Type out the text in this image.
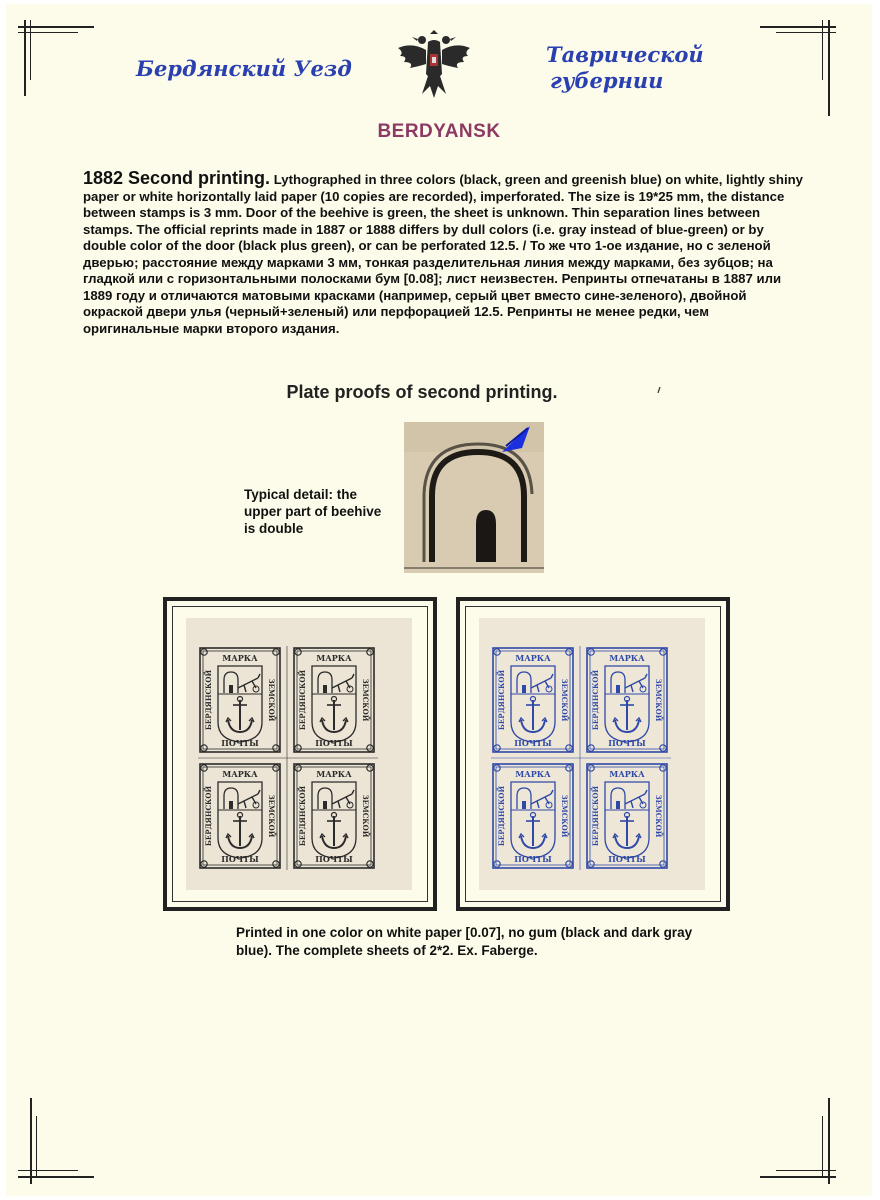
Бердянский Уезд
Таврической
губернии
BERDYANSK
1882 Second printing. Lythographed in three colors (black, green and greenish blue) on white, lightly shiny paper or white horizontally laid paper (10 copies are recorded), imperforated. The size is 19*25 mm, the distance between stamps is 3 mm. Door of the beehive is green, the sheet is unknown. Thin separation lines between stamps. The official reprints made in 1887 or 1888 differs by dull colors (i.e. gray instead of blue-green) or by double color of the door (black plus green), or can be perforated 12.5. / То же что 1-ое издание, но с зеленой дверью; расстояние между марками 3 мм, тонкая разделительная линия между марками, без зубцов; на гладкой или с горизонтальными полосками бум [0.08]; лист неизвестен. Репринты отпечатаны в 1887 или 1889 году и отличаются матовыми красками (например, серый цвет вместо сине-зеленого), двойной окраской двери улья (черный+зеленый) или перфорацией 12.5. Репринты не менее редки, чем оригинальные марки второго издания.
Plate proofs of second printing.
Typical detail: the upper part of beehive is double
МАРКА
ПОЧТЫ
БЕРДЯНСКОЙ	ЗЕМСКОЙ
МАРКА
ПОЧТЫ
БЕРДЯНСКОЙ	ЗЕМСКОЙ
МАРКА
ПОЧТЫ
БЕРДЯНСКОЙ	ЗЕМСКОЙ
МАРКА
ПОЧТЫ
БЕРДЯНСКОЙ	ЗЕМСКОЙ
МАРКА
ПОЧТЫ
БЕРДЯНСКОЙ	ЗЕМСКОЙ
МАРКА
ПОЧТЫ
БЕРДЯНСКОЙ	ЗЕМСКОЙ
МАРКА
ПОЧТЫ
БЕРДЯНСКОЙ	ЗЕМСКОЙ
МАРКА
ПОЧТЫ
БЕРДЯНСКОЙ	ЗЕМСКОЙ
Printed in one color on white paper [0.07], no gum (black and dark gray blue). The complete sheets of 2*2. Ex. Faberge.
